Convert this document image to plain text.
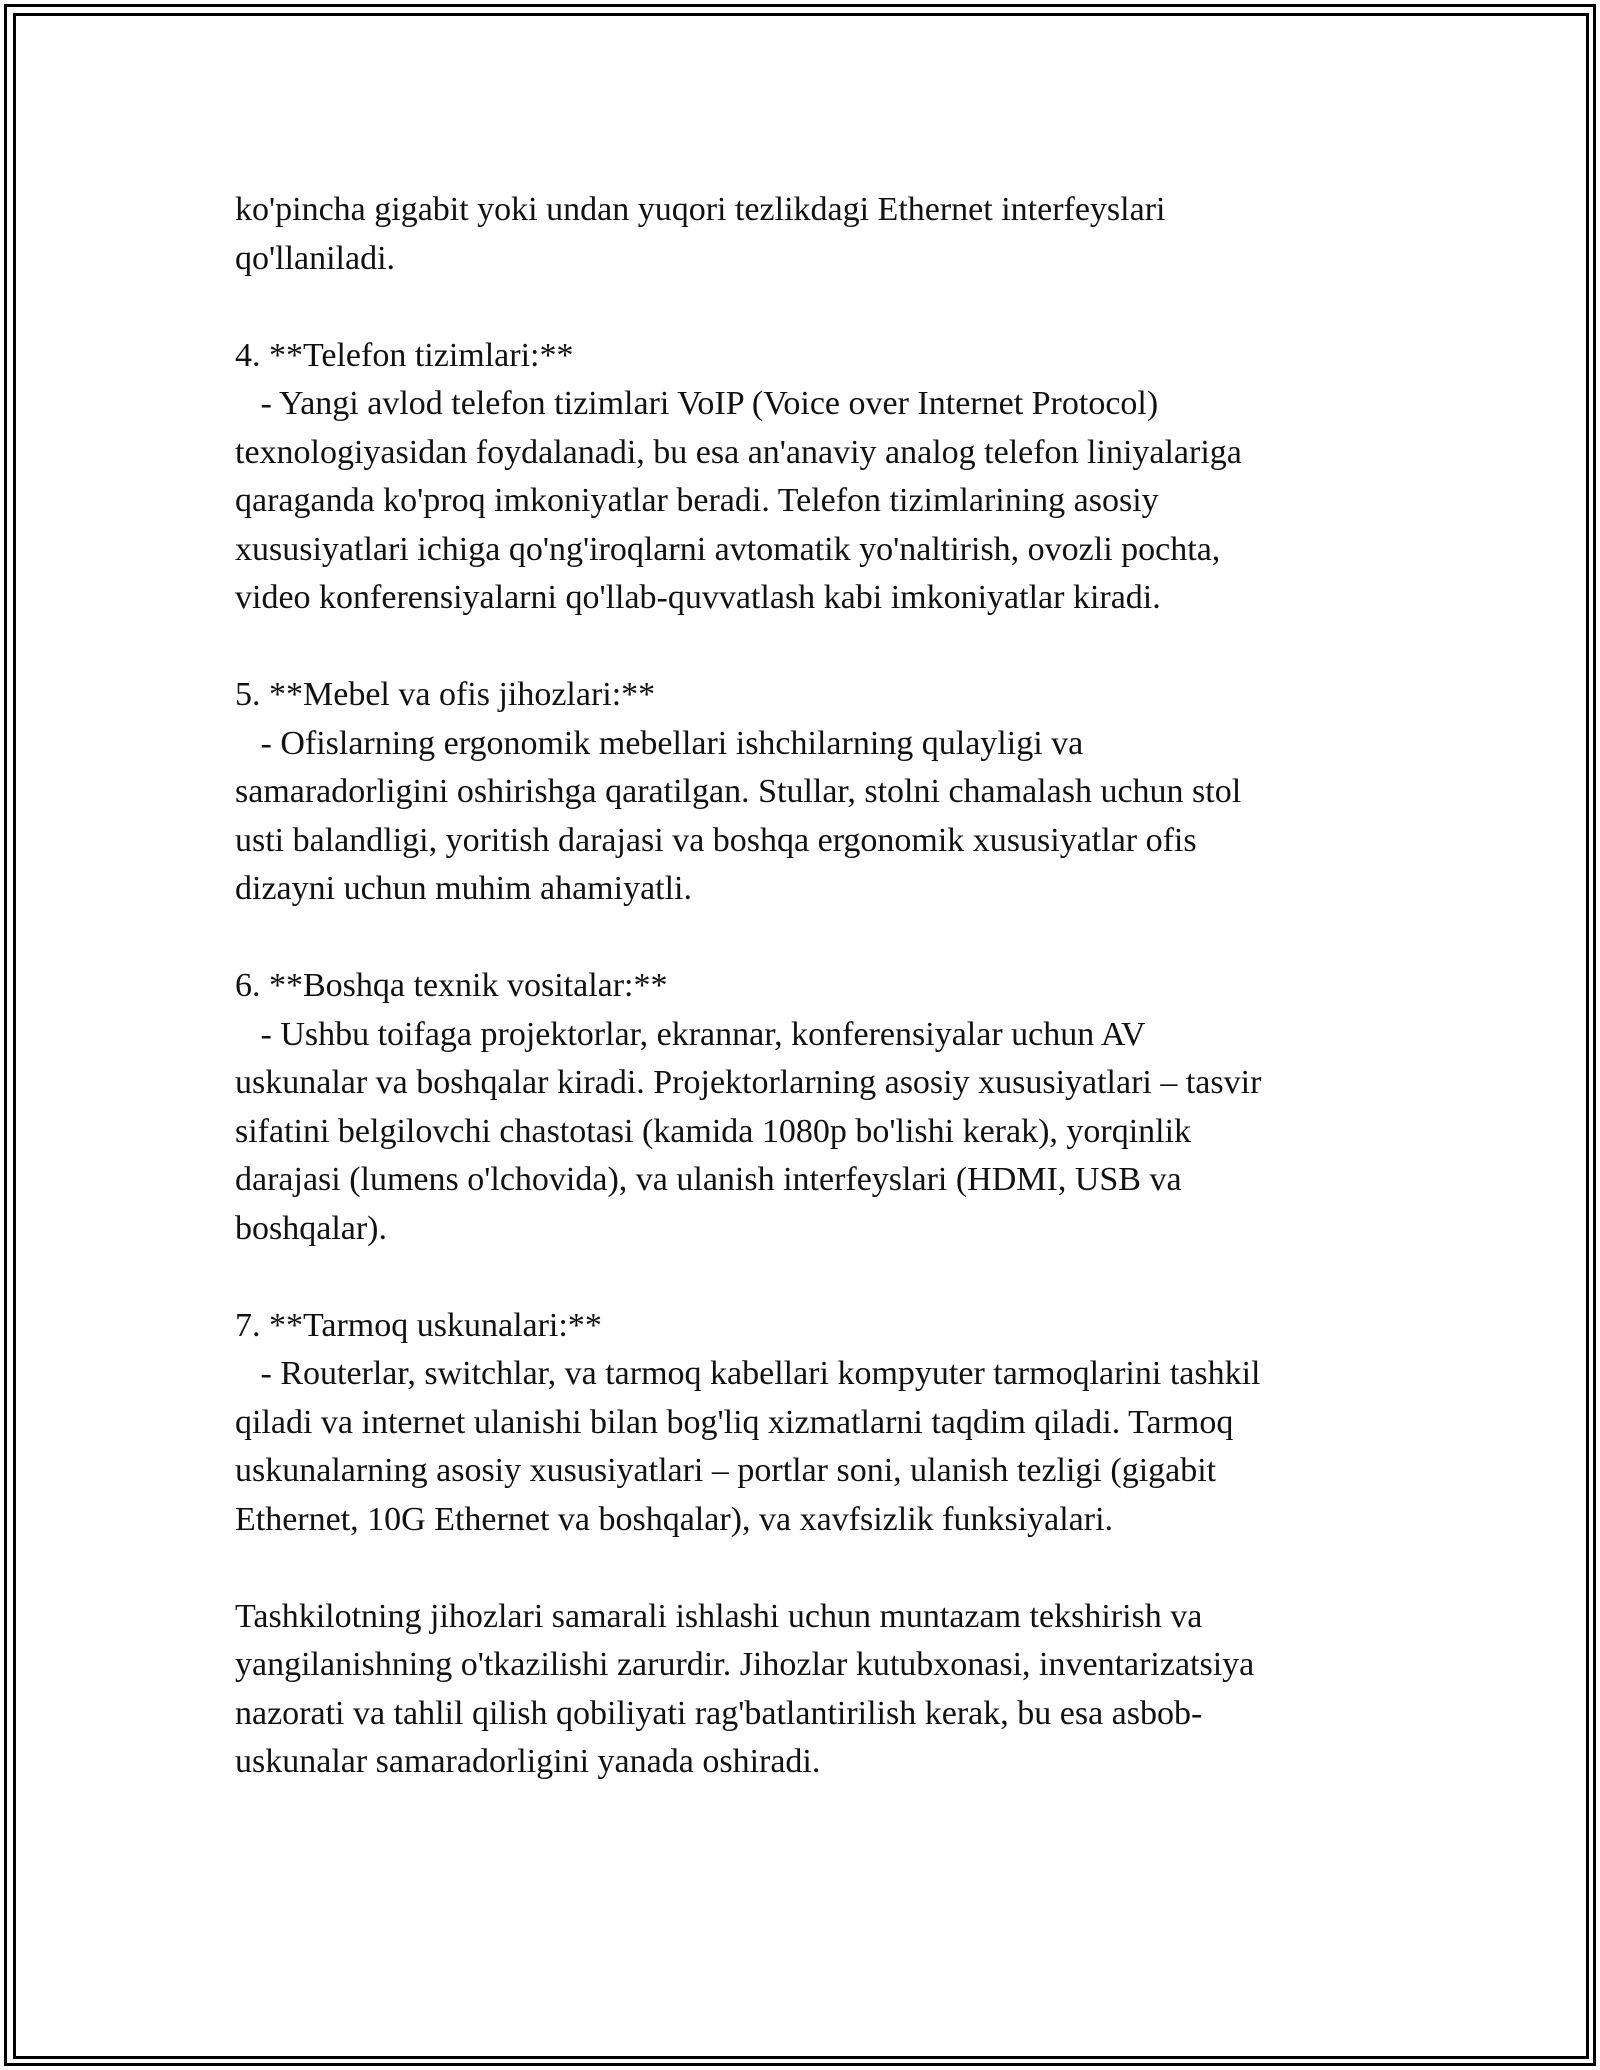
ko'pincha gigabit yoki undan yuqori tezlikdagi Ethernet interfeyslari
qo'llaniladi.
4. **Telefon tizimlari:**
- Yangi avlod telefon tizimlari VoIP (Voice over Internet Protocol)
texnologiyasidan foydalanadi, bu esa an'anaviy analog telefon liniyalariga
qaraganda ko'proq imkoniyatlar beradi. Telefon tizimlarining asosiy
xususiyatlari ichiga qo'ng'iroqlarni avtomatik yo'naltirish, ovozli pochta,
video konferensiyalarni qo'llab-quvvatlash kabi imkoniyatlar kiradi.
5. **Mebel va ofis jihozlari:**
- Ofislarning ergonomik mebellari ishchilarning qulayligi va
samaradorligini oshirishga qaratilgan. Stullar, stolni chamalash uchun stol
usti balandligi, yoritish darajasi va boshqa ergonomik xususiyatlar ofis
dizayni uchun muhim ahamiyatli.
6. **Boshqa texnik vositalar:**
- Ushbu toifaga projektorlar, ekrannar, konferensiyalar uchun AV
uskunalar va boshqalar kiradi. Projektorlarning asosiy xususiyatlari – tasvir
sifatini belgilovchi chastotasi (kamida 1080p bo'lishi kerak), yorqinlik
darajasi (lumens o'lchovida), va ulanish interfeyslari (HDMI, USB va
boshqalar).
7. **Tarmoq uskunalari:**
- Routerlar, switchlar, va tarmoq kabellari kompyuter tarmoqlarini tashkil
qiladi va internet ulanishi bilan bog'liq xizmatlarni taqdim qiladi. Tarmoq
uskunalarning asosiy xususiyatlari – portlar soni, ulanish tezligi (gigabit
Ethernet, 10G Ethernet va boshqalar), va xavfsizlik funksiyalari.
Tashkilotning jihozlari samarali ishlashi uchun muntazam tekshirish va
yangilanishning o'tkazilishi zarurdir. Jihozlar kutubxonasi, inventarizatsiya
nazorati va tahlil qilish qobiliyati rag'batlantirilish kerak, bu esa asbob-
uskunalar samaradorligini yanada oshiradi.
